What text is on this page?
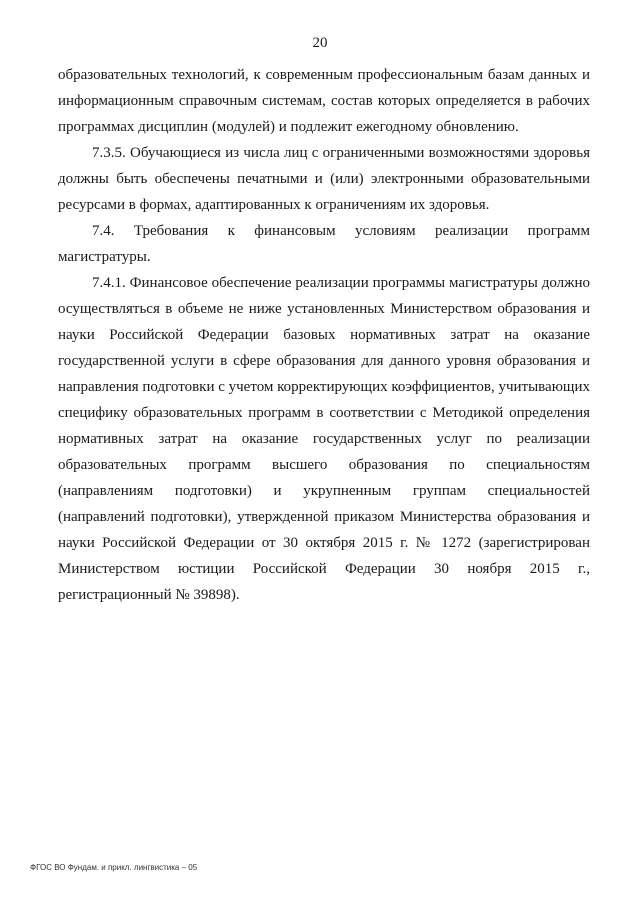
20

образовательных технологий, к современным профессиональным базам данных и информационным справочным системам, состав которых определяется в рабочих программах дисциплин (модулей) и подлежит ежегодному обновлению.

7.3.5. Обучающиеся из числа лиц с ограниченными возможностями здоровья должны быть обеспечены печатными и (или) электронными образовательными ресурсами в формах, адаптированных к ограничениям их здоровья.

7.4. Требования к финансовым условиям реализации программ магистратуры.

7.4.1. Финансовое обеспечение реализации программы магистратуры должно осуществляться в объеме не ниже установленных Министерством образования и науки Российской Федерации базовых нормативных затрат на оказание государственной услуги в сфере образования для данного уровня образования и направления подготовки с учетом корректирующих коэффициентов, учитывающих специфику образовательных программ в соответствии с Методикой определения нормативных затрат на оказание государственных услуг по реализации образовательных программ высшего образования по специальностям (направлениям подготовки) и укрупненным группам специальностей (направлений подготовки), утвержденной приказом Министерства образования и науки Российской Федерации от 30 октября 2015 г. № 1272 (зарегистрирован Министерством юстиции Российской Федерации 30 ноября 2015 г., регистрационный № 39898).

ФГОС ВО Фундам. и прикл. лингвистика – 05
